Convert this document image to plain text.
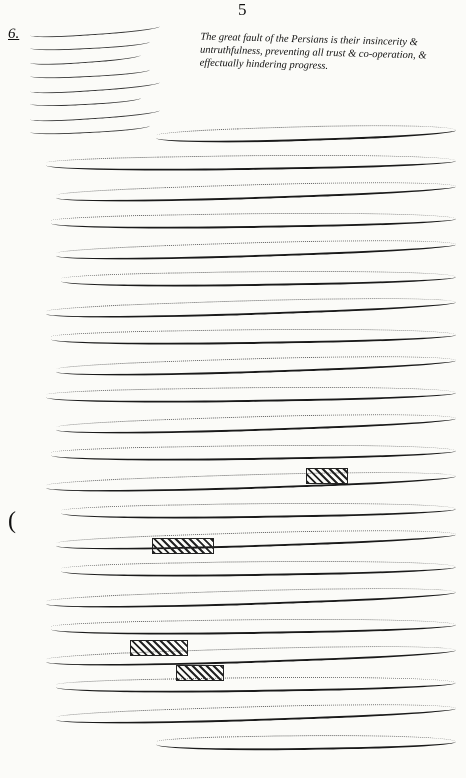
5
6.	The great fault of the Persians is their insincerity & untruthfulness, preventing all trust & co-operation, & effectually hindering progress.
(
